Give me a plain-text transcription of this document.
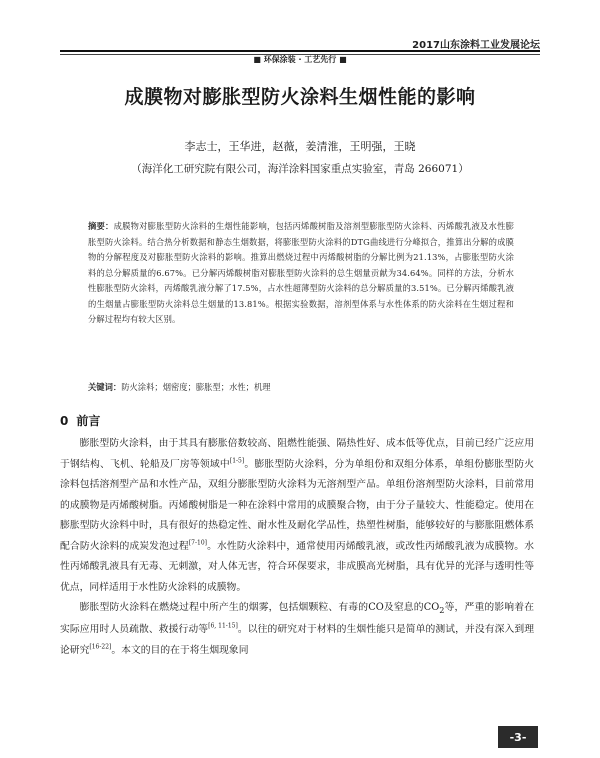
2017山东涂料工业发展论坛
■ 环保涂装 · 工艺先行 ■
成膜物对膨胀型防火涂料生烟性能的影响
李志士，王华进，赵薇，姜清淮，王明强，王晓
（海洋化工研究院有限公司，海洋涂料国家重点实验室，青岛 266071）
摘要：成膜物对膨胀型防火涂料的生烟性能影响，包括丙烯酸树脂及溶剂型膨胀型防火涂料、丙烯酸乳液及水性膨胀型防火涂料。结合热分析数据和静态生烟数据，将膨胀型防火涂料的DTG曲线进行分峰拟合，推算出分解的成膜物的分解程度及对膨胀型防火涂料的影响。推算出燃烧过程中丙烯酸树脂的分解比例为21.13%，占膨胀型防火涂料的总分解质量的6.67%。已分解丙烯酸树脂对膨胀型防火涂料的总生烟量贡献为34.64%。同样的方法，分析水性膨胀型防火涂料，丙烯酸乳液分解了17.5%，占水性超薄型防火涂料的总分解质量的3.51%。已分解丙烯酸乳液的生烟量占膨胀型防火涂料总生烟量的13.81%。根据实验数据，溶剂型体系与水性体系的防火涂料在生烟过程和分解过程均有较大区别。
关键词：防火涂料；烟密度；膨胀型；水性；机理
0 前言

膨胀型防火涂料，由于其具有膨胀倍数较高、阻燃性能强、隔热性好、成本低等优点，目前已经广泛应用于钢结构、飞机、轮船及厂房等领域中[1-5]。膨胀型防火涂料，分为单组份和双组分体系，单组份膨胀型防火涂料包括溶剂型产品和水性产品，双组分膨胀型防火涂料为无溶剂型产品。单组份溶剂型防火涂料，目前常用的成膜物是丙烯酸树脂。丙烯酸树脂是一种在涂料中常用的成膜聚合物，由于分子量较大、性能稳定。使用在膨胀型防火涂料中时，具有很好的热稳定性、耐水性及耐化学品性，热塑性树脂，能够较好的与膨胀阻燃体系配合防火涂料的成炭发泡过程[7-10]。水性防火涂料中，通常使用丙烯酸乳液，或改性丙烯酸乳液为成膜物。水性丙烯酸乳液具有无毒、无刺激，对人体无害，符合环保要求，非成膜高光树脂，具有优异的光泽与透明性等优点，同样适用于水性防火涂料的成膜物。

膨胀型防火涂料在燃烧过程中所产生的烟雾，包括烟颗粒、有毒的CO及窒息的$CO_2$等，严重的影响着在实际应用时人员疏散、救援行动等[6, 11-15]。以往的研究对于材料的生烟性能只是简单的测试，并没有深入到理论研究[16-22]。本文的目的在于将生烟现象同

-3-
